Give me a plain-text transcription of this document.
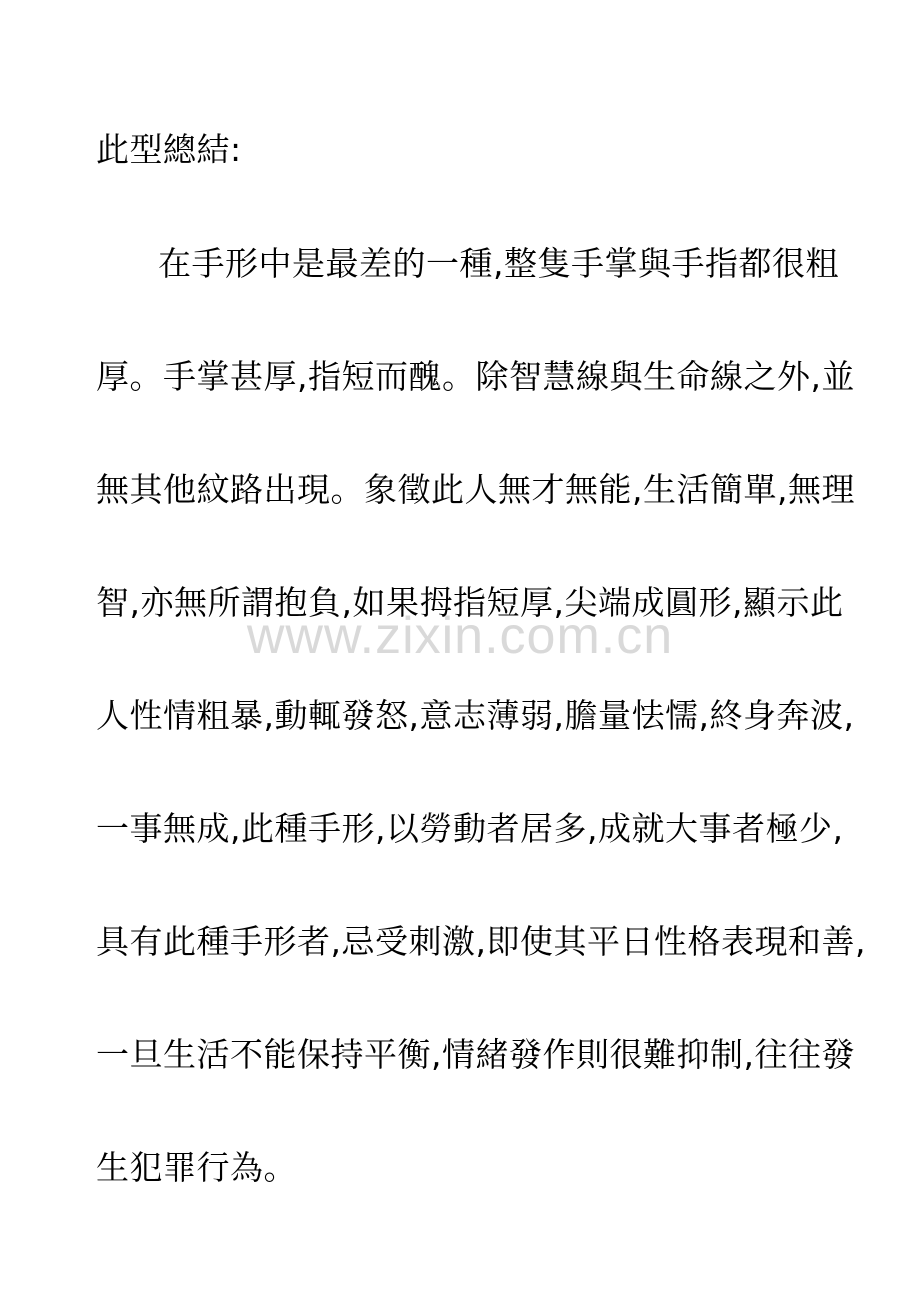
此型總結:
在手形中是最差的一種,整隻手掌與手指都很粗
厚。手掌甚厚,指短而醜。除智慧線與生命線之外,並
無其他紋路出現。象徵此人無才無能,生活簡單,無理
智,亦無所謂抱負,如果拇指短厚,尖端成圓形,顯示此
人性情粗暴,動輒發怒,意志薄弱,膽量怯懦,終身奔波,
一事無成,此種手形,以勞動者居多,成就大事者極少,
具有此種手形者,忌受刺激,即使其平日性格表現和善,
一旦生活不能保持平衡,情緒發作則很難抑制,往往發
生犯罪行為。
www.zixin.com.cn
